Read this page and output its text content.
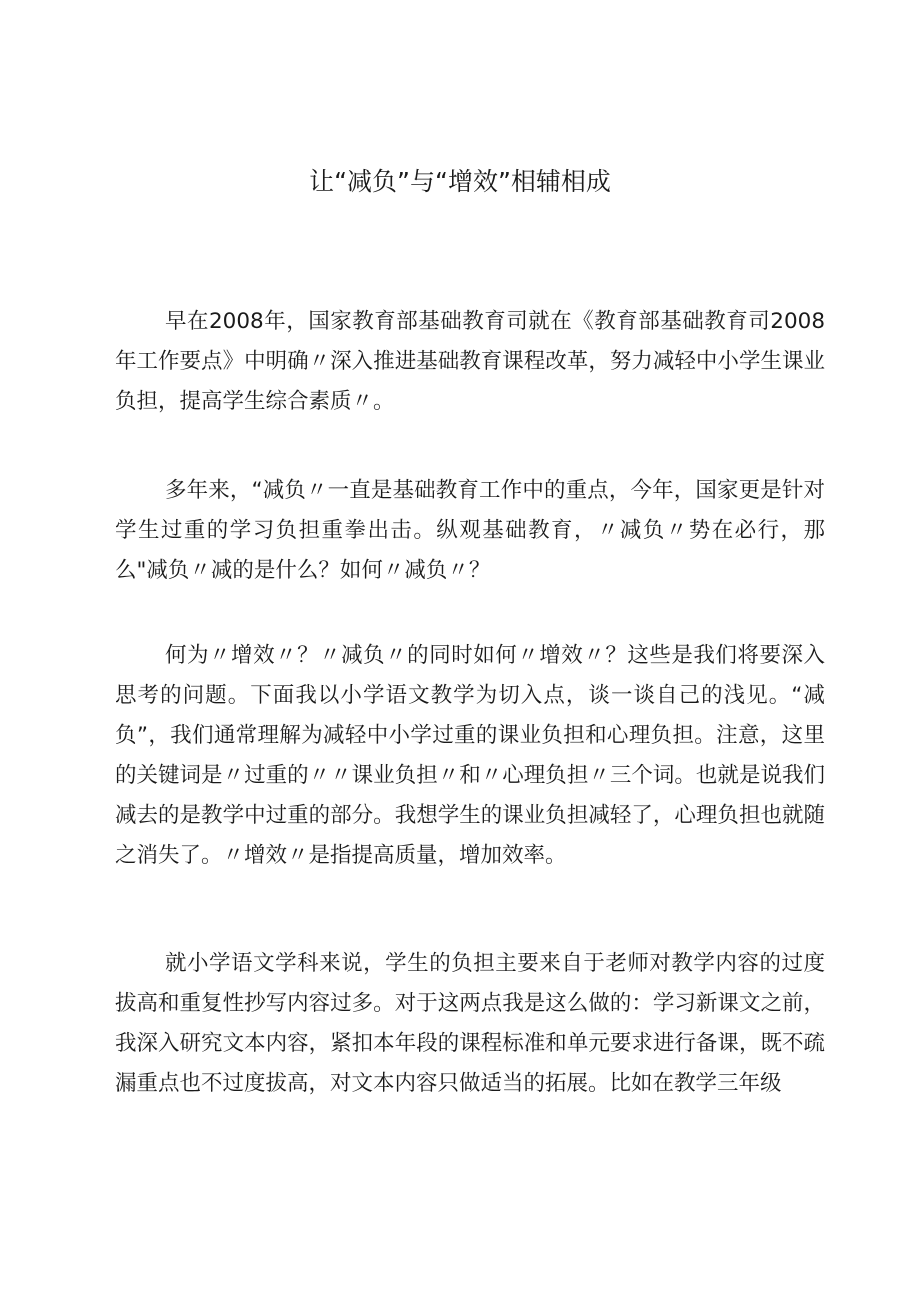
让“减负”与“增效”相辅相成

早在2008年，国家教育部基础教育司就在《教育部基础教育司2008年工作要点》中明确〃深入推进基础教育课程改革，努力减轻中小学生课业负担，提高学生综合素质〃。

多年来，“减负〃一直是基础教育工作中的重点，今年，国家更是针对学生过重的学习负担重拳出击。纵观基础教育，〃减负〃势在必行，那么"减负〃减的是什么？如何〃减负〃？

何为〃增效〃？〃减负〃的同时如何〃增效〃？这些是我们将要深入思考的问题。下面我以小学语文教学为切入点，谈一谈自己的浅见。“减负”，我们通常理解为减轻中小学过重的课业负担和心理负担。注意，这里的关键词是〃过重的〃〃课业负担〃和〃心理负担〃三个词。也就是说我们减去的是教学中过重的部分。我想学生的课业负担减轻了，心理负担也就随之消失了。〃增效〃是指提高质量，增加效率。

就小学语文学科来说，学生的负担主要来自于老师对教学内容的过度拔高和重复性抄写内容过多。对于这两点我是这么做的：学习新课文之前，我深入研究文本内容，紧扣本年段的课程标准和单元要求进行备课，既不疏漏重点也不过度拔高，对文本内容只做适当的拓展。比如在教学三年级
